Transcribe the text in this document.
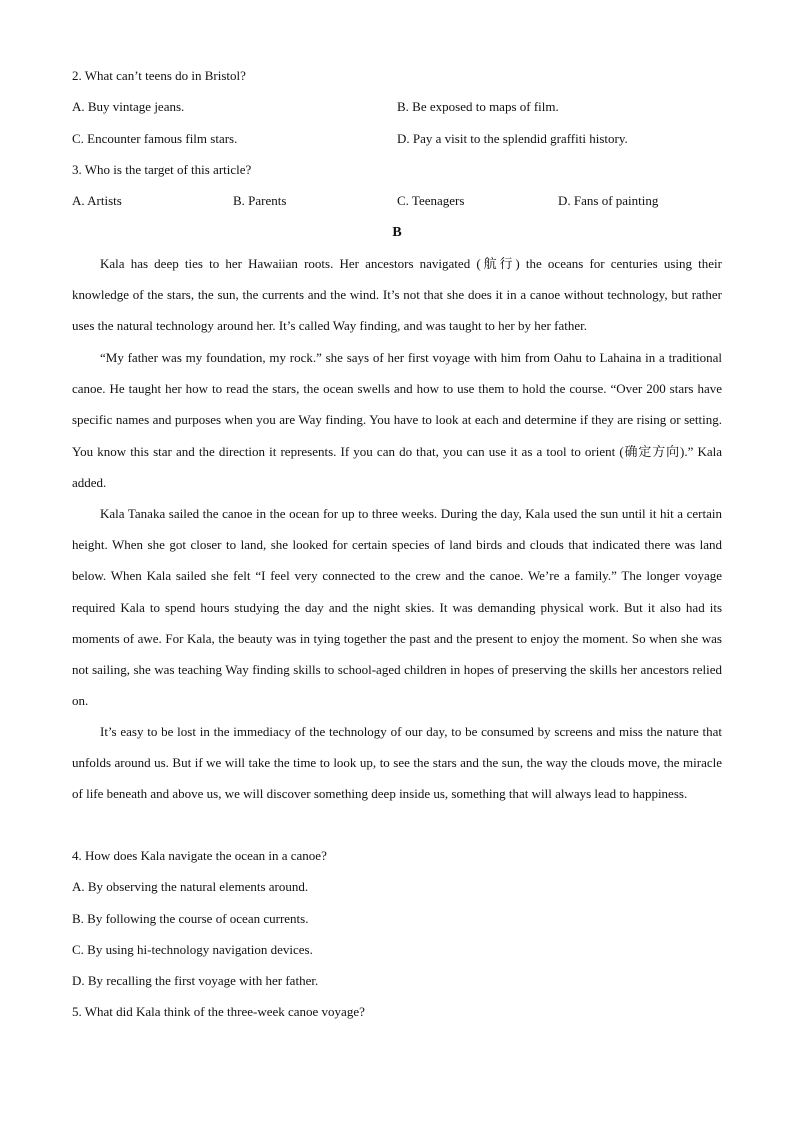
2. What can’t teens do in Bristol?
A. Buy vintage jeans.	B. Be exposed to maps of film.
C. Encounter famous film stars.	D. Pay a visit to the splendid graffiti history.
3. Who is the target of this article?
A. Artists	B. Parents	C. Teenagers	D. Fans of painting
B
Kala has deep ties to her Hawaiian roots. Her ancestors navigated (航行) the oceans for centuries using their knowledge of the stars, the sun, the currents and the wind. It’s not that she does it in a canoe without technology, but rather uses the natural technology around her. It’s called Way finding, and was taught to her by her father.
“My father was my foundation, my rock.” she says of her first voyage with him from Oahu to Lahaina in a traditional canoe. He taught her how to read the stars, the ocean swells and how to use them to hold the course. “Over 200 stars have specific names and purposes when you are Way finding. You have to look at each and determine if they are rising or setting. You know this star and the direction it represents. If you can do that, you can use it as a tool to orient (确定方向).” Kala added.
Kala Tanaka sailed the canoe in the ocean for up to three weeks. During the day, Kala used the sun until it hit a certain height. When she got closer to land, she looked for certain species of land birds and clouds that indicated there was land below. When Kala sailed she felt “I feel very connected to the crew and the canoe. We’re a family.” The longer voyage required Kala to spend hours studying the day and the night skies. It was demanding physical work. But it also had its moments of awe. For Kala, the beauty was in tying together the past and the present to enjoy the moment. So when she was not sailing, she was teaching Way finding skills to school-aged children in hopes of preserving the skills her ancestors relied on.
It’s easy to be lost in the immediacy of the technology of our day, to be consumed by screens and miss the nature that unfolds around us. But if we will take the time to look up, to see the stars and the sun, the way the clouds move, the miracle of life beneath and above us, we will discover something deep inside us, something that will always lead to happiness.
4. How does Kala navigate the ocean in a canoe?
A. By observing the natural elements around.
B. By following the course of ocean currents.
C. By using hi-technology navigation devices.
D. By recalling the first voyage with her father.
5. What did Kala think of the three-week canoe voyage?
